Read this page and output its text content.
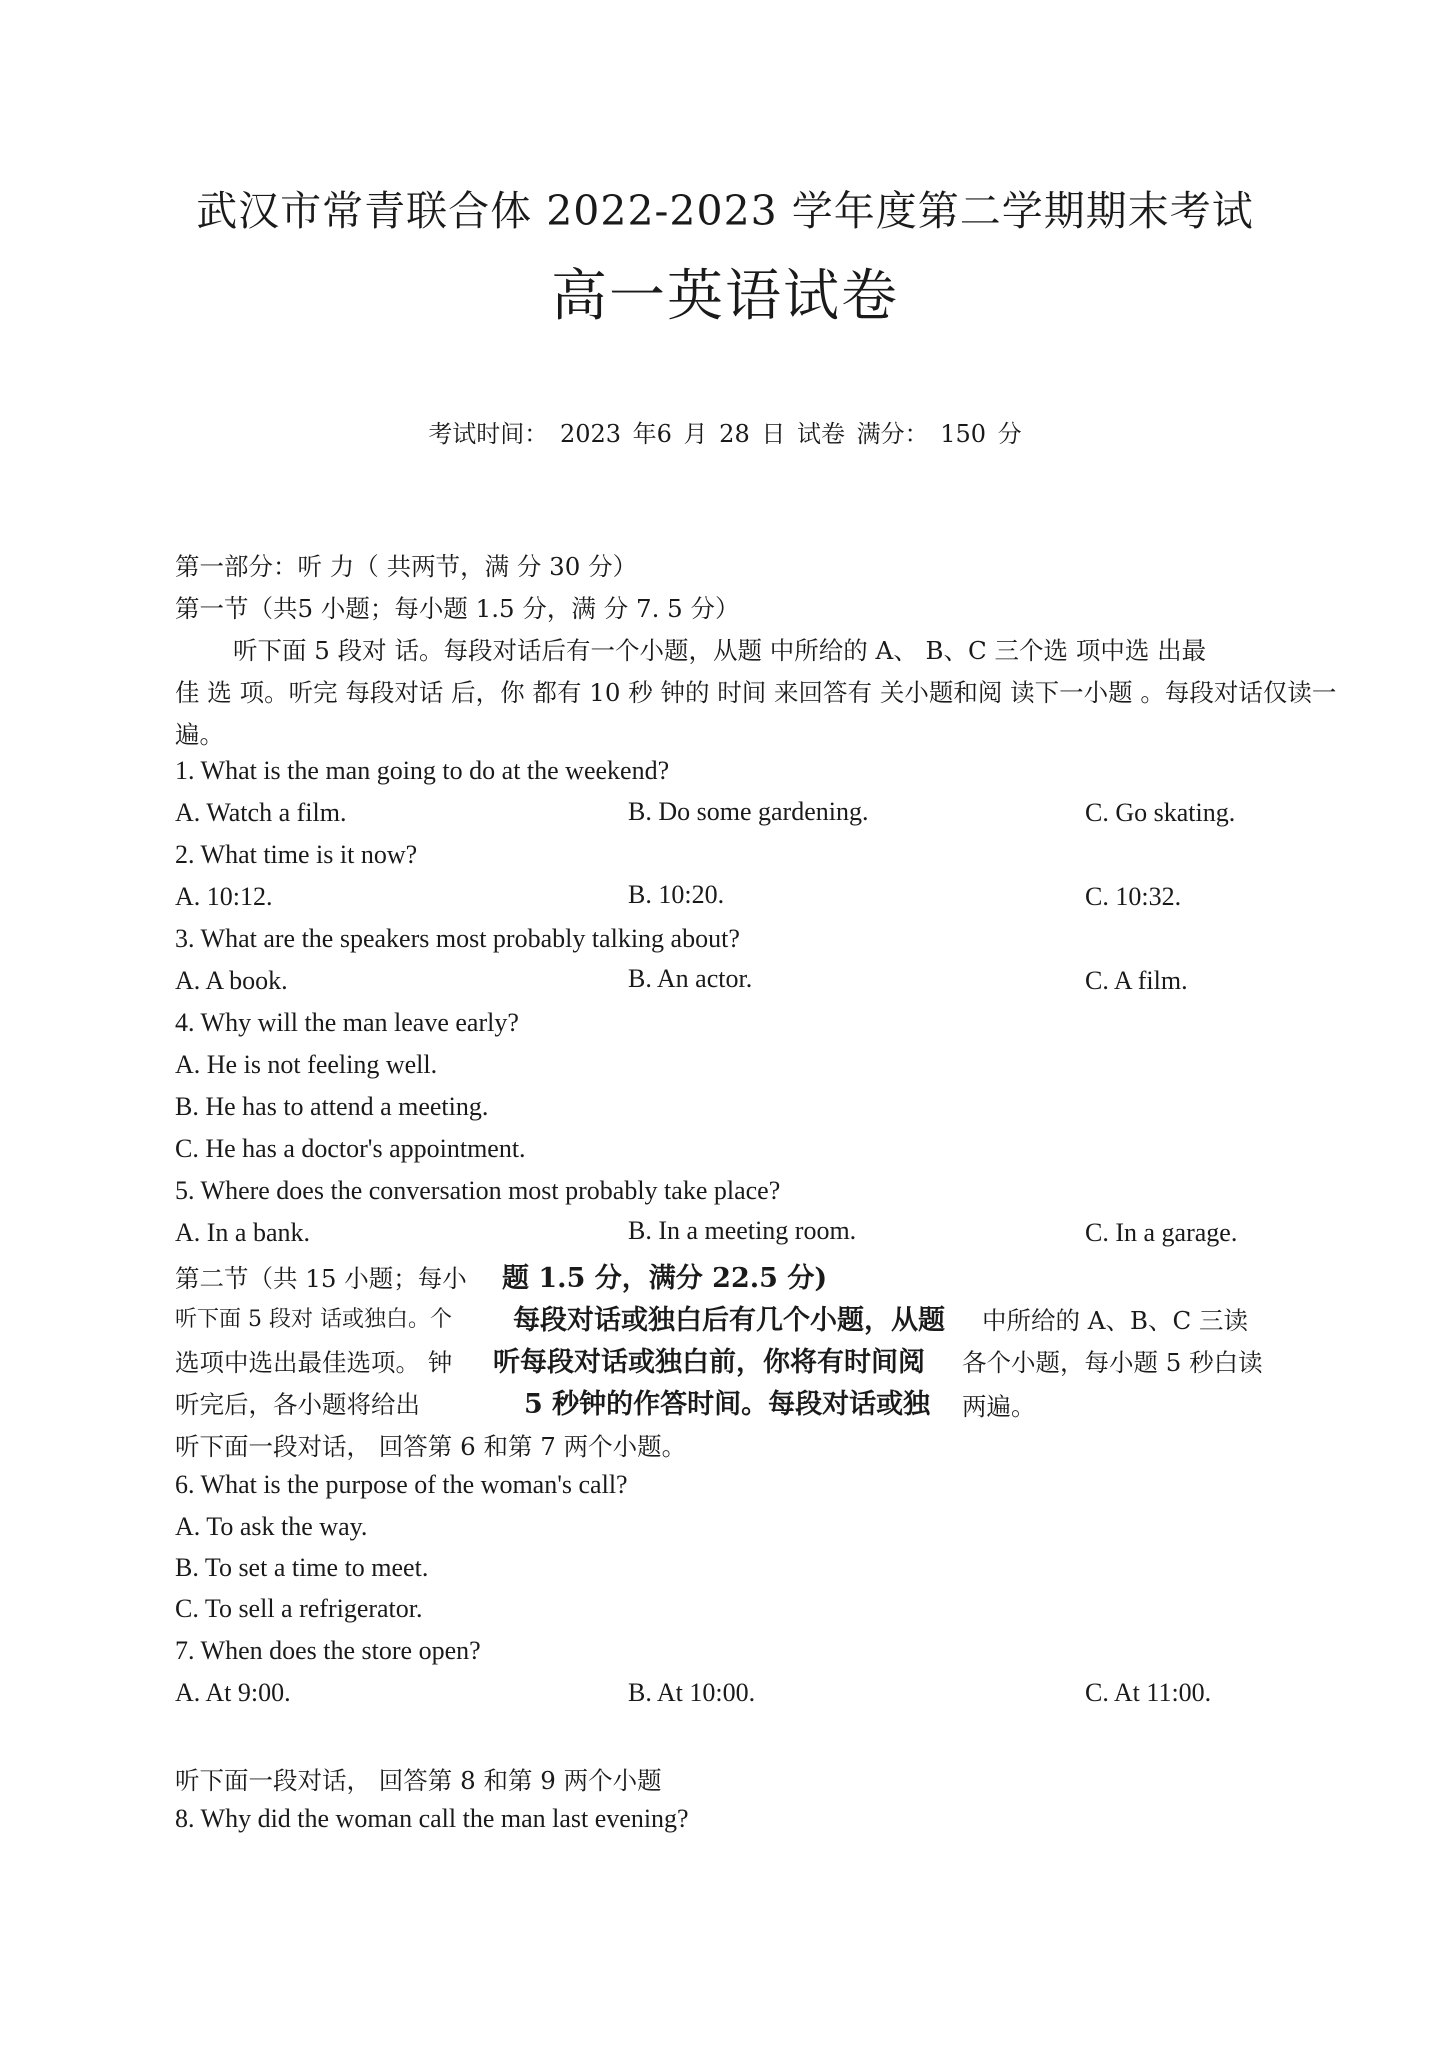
武汉市常青联合体 2022-2023 学年度第二学期期末考试
高一英语试卷
考试时间： 2023 年6 月 28 日 试卷 满分： 150 分
第一部分：听 力（ 共两节，满 分 30 分）
第一节（共5 小题；每小题 1.5 分，满 分 7. 5 分）
听下面 5 段对 话。每段对话后有一个小题，从题 中所给的 A、 B、C 三个选 项中选 出最
佳 选 项。听完 每段对话 后，你 都有 10 秒 钟的 时间 来回答有 关小题和阅 读下一小题 。每段对话仅读一
遍。
1. What is the man going to do at the weekend?
A. Watch a film.	B. Do some gardening.	C. Go skating.
2. What time is it now?
A. 10:12.	B. 10:20.	C. 10:32.
3. What are the speakers most probably talking about?
A. A book.	B. An actor.	C. A film.
4. Why will the man leave early?
A. He is not feeling well.
B. He has to attend a meeting.
C. He has a doctor's appointment.
5. Where does the conversation most probably take place?
A. In a bank.	B. In a meeting room.	C. In a garage.
第二节（共 15 小题；每小 题 1.5 分，满分 22.5 分)
听下面 5 段对 话或独白。个 每段对话或独白后有几个小题，从题 中所给的 A、B、C 三读
选项中选出最佳选项。 钟 听每段对话或独白前，你将有时间阅 各个小题，每小题 5 秒白读
听完后，各小题将给出	5 秒钟的作答时间。每段对话或独 两遍。
听下面一段对话， 回答第 6 和第 7 两个小题。
6. What is the purpose of the woman's call?
A. To ask the way.
B. To set a time to meet.
C. To sell a refrigerator.
7. When does the store open?
A. At 9:00.	B. At 10:00.	C. At 11:00.
听下面一段对话， 回答第 8 和第 9 两个小题
8. Why did the woman call the man last evening?
